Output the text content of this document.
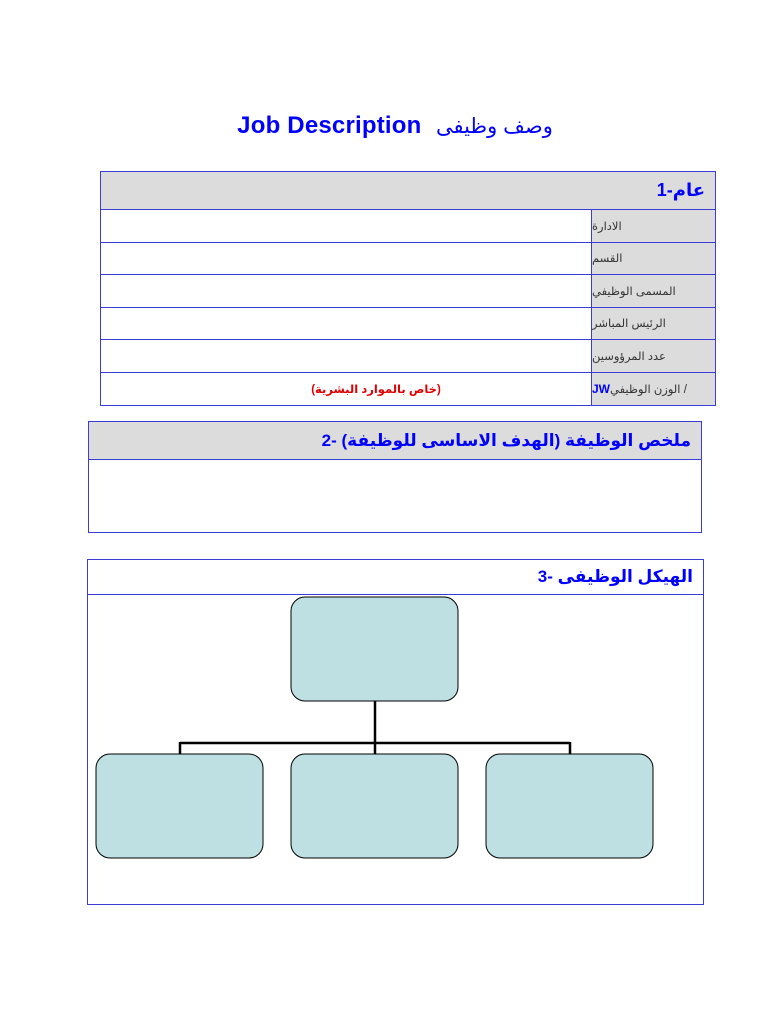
Job Description وصف وظيفى
1-عام
الادارة
القسم
المسمى الوظيفي
الرئيس المباشر
عدد المرؤوسين
(خاص بالموارد البشرية)	/ الوزن الوظيفي
JW
2- ملخص الوظيفة (الهدف الاساسى للوظيفة)
3- الهيكل الوظيفى
